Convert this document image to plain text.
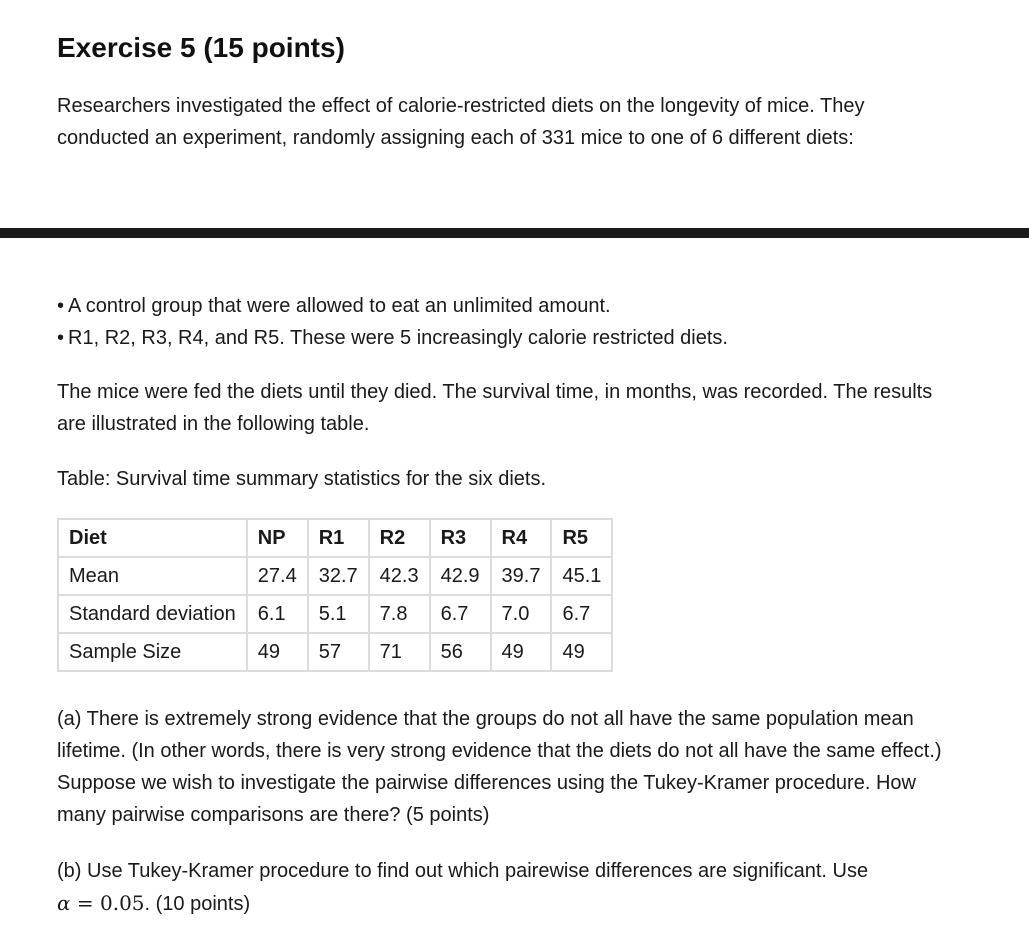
Exercise 5 (15 points)

Researchers investigated the effect of calorie-restricted diets on the longevity of mice. They conducted an experiment, randomly assigning each of 331 mice to one of 6 different diets:

• A control group that were allowed to eat an unlimited amount.
• R1, R2, R3, R4, and R5. These were 5 increasingly calorie restricted diets.

The mice were fed the diets until they died. The survival time, in months, was recorded. The results are illustrated in the following table.

Table: Survival time summary statistics for the six diets.

Diet	NP	R1	R2	R3	R4	R5
Mean	27.4	32.7	42.3	42.9	39.7	45.1
Standard deviation	6.1	5.1	7.8	6.7	7.0	6.7
Sample Size	49	57	71	56	49	49

(a) There is extremely strong evidence that the groups do not all have the same population mean lifetime. (In other words, there is very strong evidence that the diets do not all have the same effect.) Suppose we wish to investigate the pairwise differences using the Tukey-Kramer procedure. How many pairwise comparisons are there? (5 points)

(b) Use Tukey-Kramer procedure to find out which pairewise differences are significant. Use
α = 0.05. (10 points)
